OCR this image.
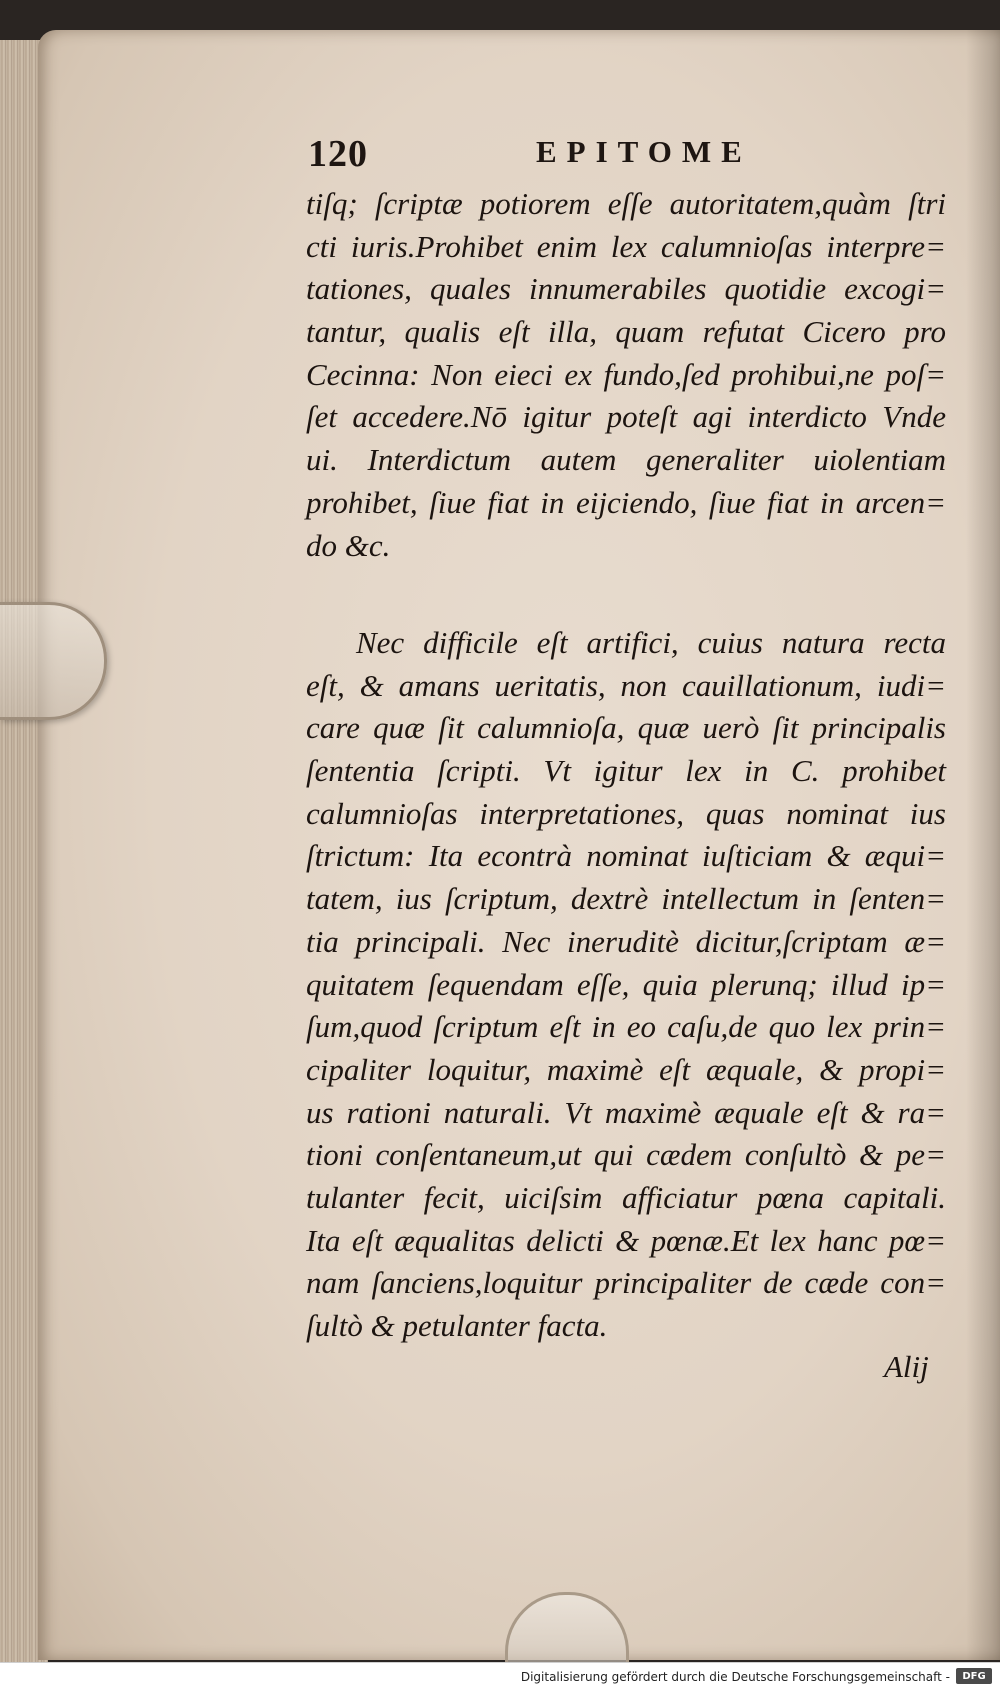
120	EPITOME
tiſq; ſcriptæ potiorem eſſe autoritatem,quàm ſtri
cti iuris.Prohibet enim lex calumnioſas interpre=
tationes, quales innumerabiles quotidie excogi=
tantur, qualis eſt illa, quam refutat Cicero pro
Cecinna: Non eieci ex fundo,ſed prohibui,ne poſ=
ſet accedere.Nō igitur poteſt agi interdicto Vnde
ui. Interdictum autem generaliter uiolentiam
prohibet, ſiue fiat in eijciendo, ſiue fiat in arcen=
do &c.
Nec difficile eſt artifici, cuius natura recta
eſt, & amans ueritatis, non cauillationum, iudi=
care quæ ſit calumnioſa, quæ uerò ſit principalis
ſententia ſcripti. Vt igitur lex in C. prohibet
calumnioſas interpretationes, quas nominat ius
ſtrictum: Ita econtrà nominat iuſticiam & æqui=
tatem, ius ſcriptum, dextrè intellectum in ſenten=
tia principali. Nec ineruditè dicitur,ſcriptam æ=
quitatem ſequendam eſſe, quia plerunq; illud ip=
ſum,quod ſcriptum eſt in eo caſu,de quo lex prin=
cipaliter loquitur, maximè eſt æquale, & propi=
us rationi naturali. Vt maximè æquale eſt & ra=
tioni conſentaneum,ut qui cædem conſultò & pe=
tulanter fecit, uiciſsim afficiatur pœna capitali.
Ita eſt æqualitas delicti & pœnæ.Et lex hanc pœ=
nam ſanciens,loquitur principaliter de cæde con=
ſultò & petulanter facta.
Alij
Digitalisierung gefördert durch die Deutsche Forschungsgemeinschaft -	DFG
